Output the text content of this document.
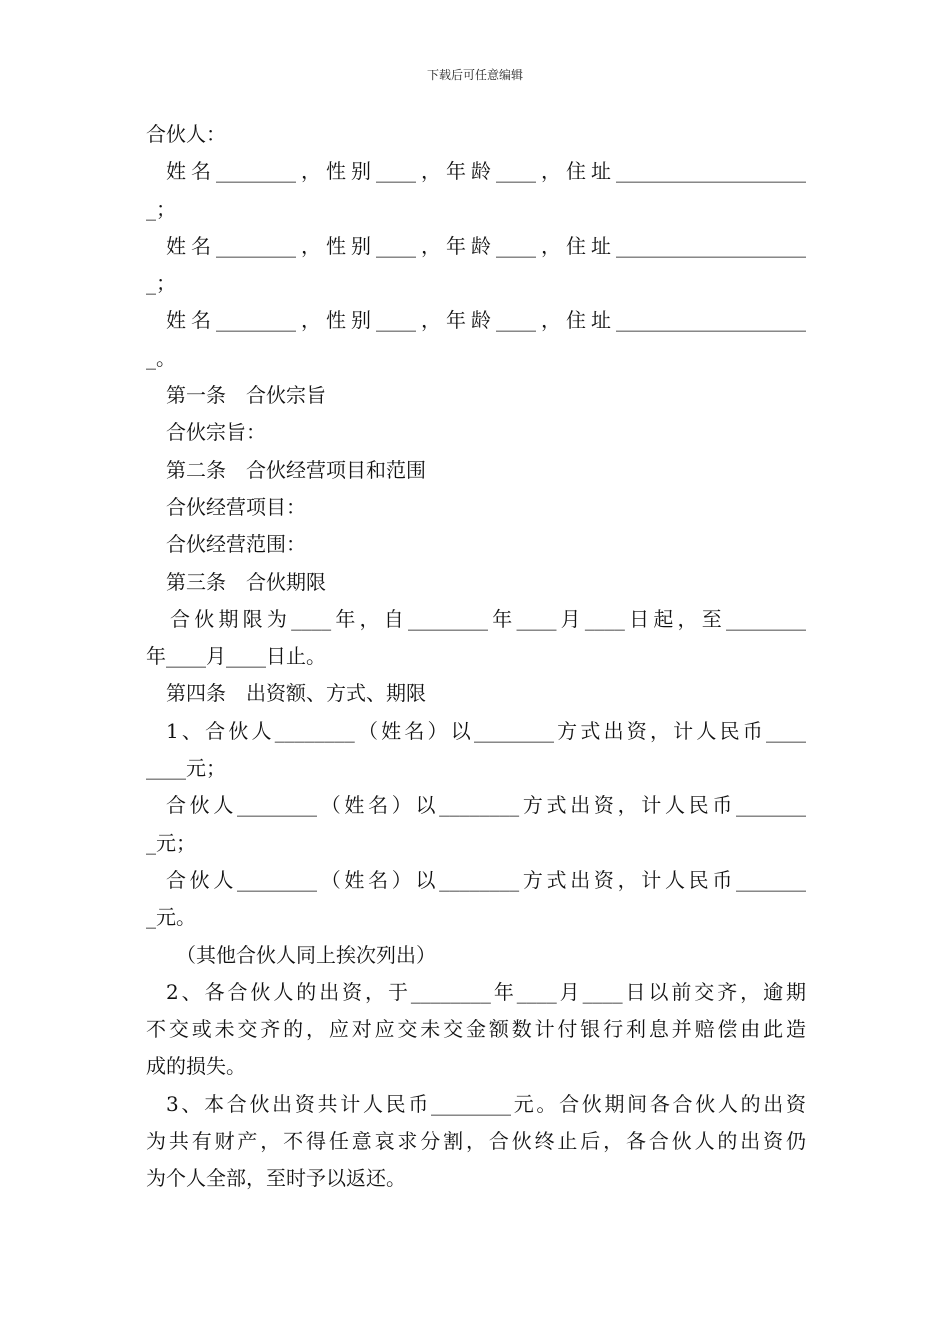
下载后可任意编辑
合伙人：
姓名________，性别____，年龄____，住址___________________
_；
姓名________，性别____，年龄____，住址___________________
_；
姓名________，性别____，年龄____，住址___________________
_。
第一条　合伙宗旨
合伙宗旨：
第二条　合伙经营项目和范围
合伙经营项目：
合伙经营范围：
第三条　合伙期限
合伙期限为____年，自________年____月____日起，至________
年____月____日止。
第四条　出资额、方式、期限
1、合伙人________（姓名）以________方式出资，计人民币____
____元；
合伙人________（姓名）以________方式出资，计人民币_______
_元；
合伙人________（姓名）以________方式出资，计人民币_______
_元。
（其他合伙人同上挨次列出）
2、各合伙人的出资，于________年____月____日以前交齐，逾期
不交或未交齐的，应对应交未交金额数计付银行利息并赔偿由此造
成的损失。
3、本合伙出资共计人民币________元。合伙期间各合伙人的出资
为共有财产，不得任意哀求分割，合伙终止后，各合伙人的出资仍
为个人全部，至时予以返还。
